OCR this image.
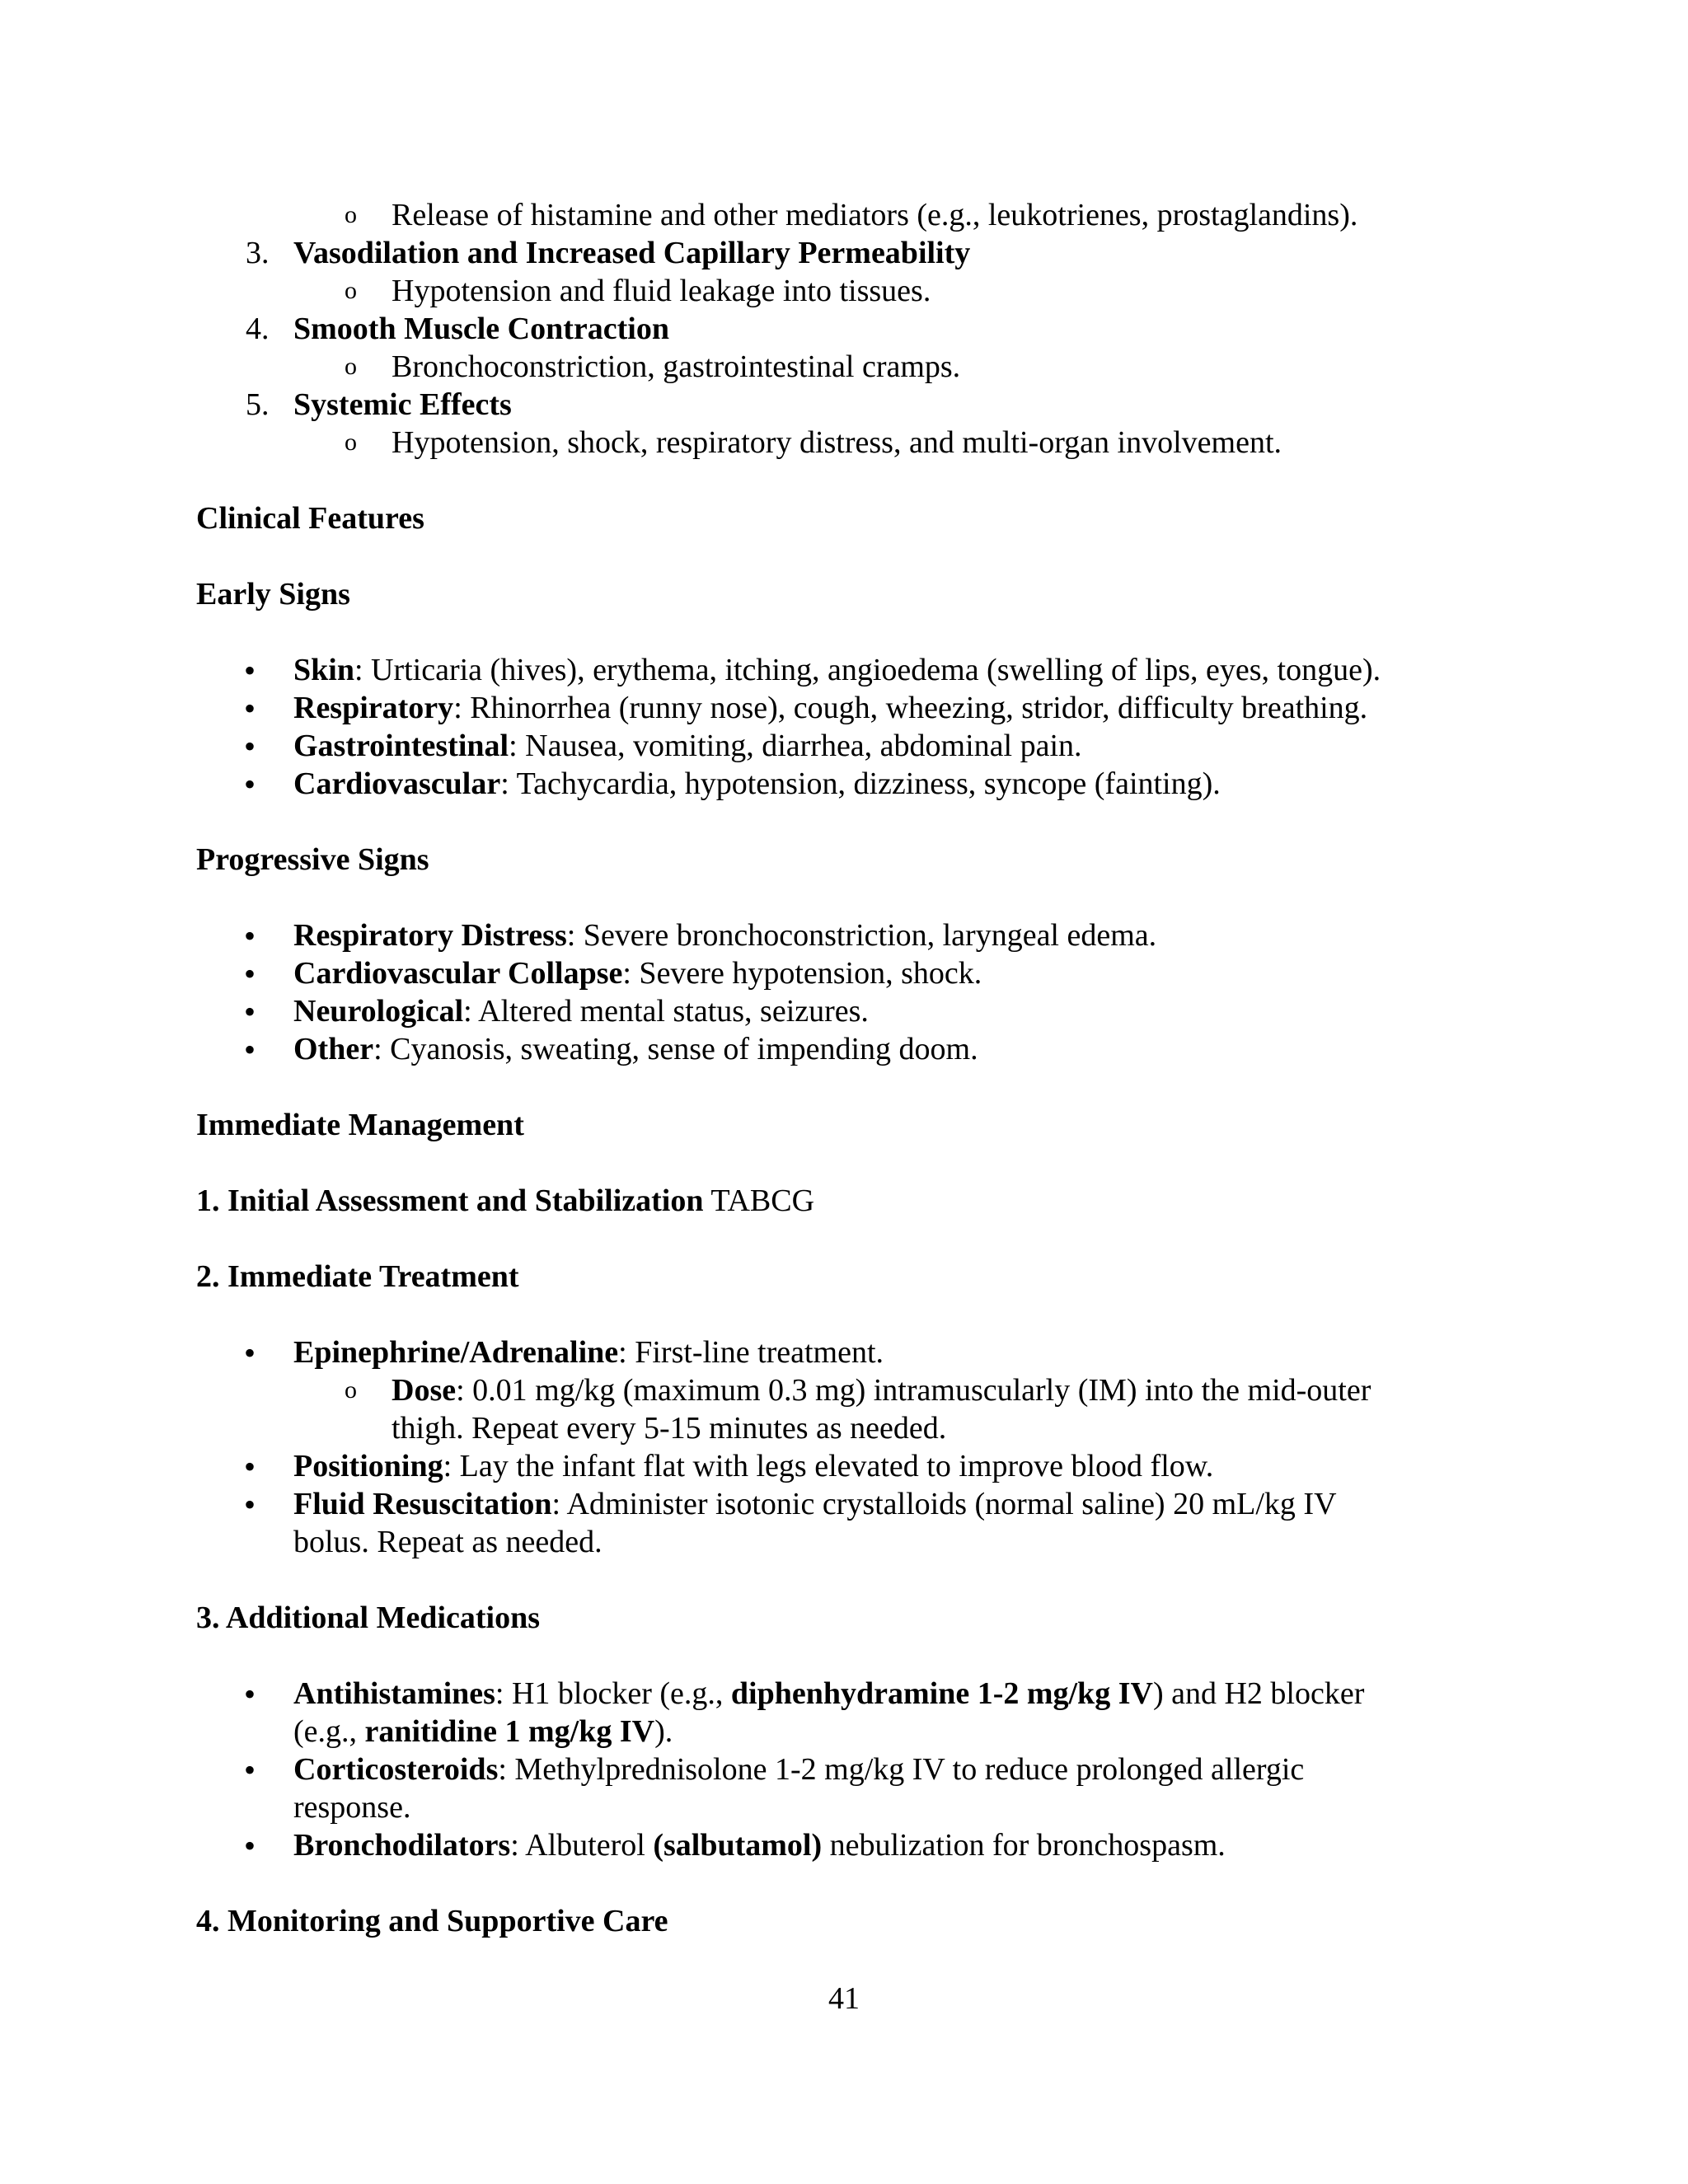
o Release of histamine and other mediators (e.g., leukotrienes, prostaglandins).
3. Vasodilation and Increased Capillary Permeability
o Hypotension and fluid leakage into tissues.
4. Smooth Muscle Contraction
o Bronchoconstriction, gastrointestinal cramps.
5. Systemic Effects
o Hypotension, shock, respiratory distress, and multi-organ involvement.
Clinical Features
Early Signs
• Skin: Urticaria (hives), erythema, itching, angioedema (swelling of lips, eyes, tongue).
• Respiratory: Rhinorrhea (runny nose), cough, wheezing, stridor, difficulty breathing.
• Gastrointestinal: Nausea, vomiting, diarrhea, abdominal pain.
• Cardiovascular: Tachycardia, hypotension, dizziness, syncope (fainting).
Progressive Signs
• Respiratory Distress: Severe bronchoconstriction, laryngeal edema.
• Cardiovascular Collapse: Severe hypotension, shock.
• Neurological: Altered mental status, seizures.
• Other: Cyanosis, sweating, sense of impending doom.
Immediate Management
1. Initial Assessment and Stabilization TABCG
2. Immediate Treatment
• Epinephrine/Adrenaline: First-line treatment.
o Dose: 0.01 mg/kg (maximum 0.3 mg) intramuscularly (IM) into the mid-outer
thigh. Repeat every 5-15 minutes as needed.
• Positioning: Lay the infant flat with legs elevated to improve blood flow.
• Fluid Resuscitation: Administer isotonic crystalloids (normal saline) 20 mL/kg IV
bolus. Repeat as needed.
3. Additional Medications
• Antihistamines: H1 blocker (e.g., diphenhydramine 1-2 mg/kg IV) and H2 blocker
(e.g., ranitidine 1 mg/kg IV).
• Corticosteroids: Methylprednisolone 1-2 mg/kg IV to reduce prolonged allergic
response.
• Bronchodilators: Albuterol (salbutamol) nebulization for bronchospasm.
4. Monitoring and Supportive Care
41
